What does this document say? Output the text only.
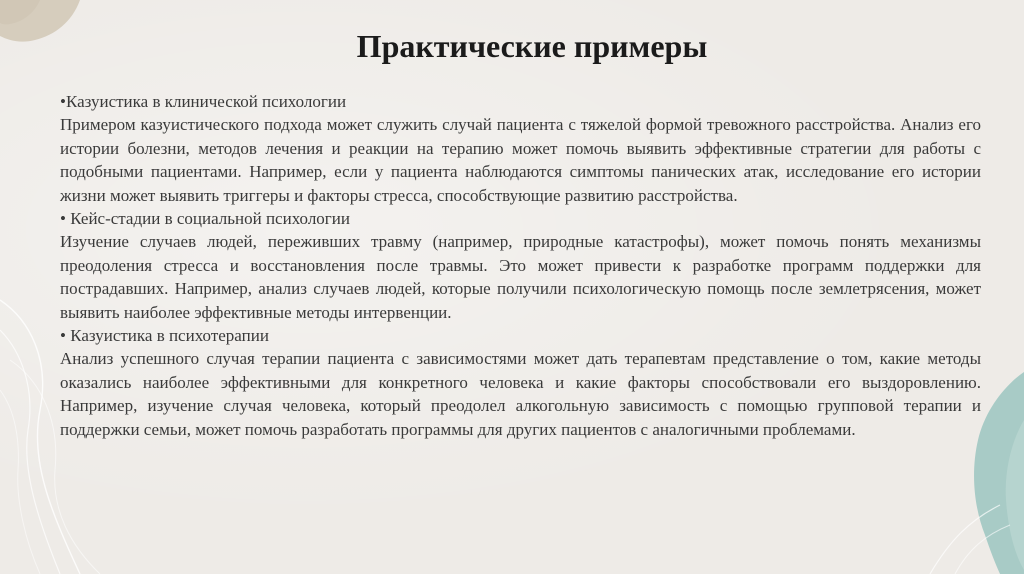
Практические примеры
•Казуистика в клинической психологии
Примером казуистического подхода может служить случай пациента с тяжелой формой тревожного расстройства. Анализ его истории болезни, методов лечения и реакции на терапию может помочь выявить эффективные стратегии для работы с подобными пациентами. Например, если у пациента наблюдаются симптомы панических атак, исследование его истории жизни может выявить триггеры и факторы стресса, способствующие развитию расстройства.
• Кейс-стадии в социальной психологии
Изучение случаев людей, переживших травму (например, природные катастрофы), может помочь понять механизмы преодоления стресса и восстановления после травмы. Это может привести к разработке программ поддержки для пострадавших. Например, анализ случаев людей, которые получили психологическую помощь после землетрясения, может выявить наиболее эффективные методы интервенции.
• Казуистика в психотерапии
Анализ успешного случая терапии пациента с зависимостями может дать терапевтам представление о том, какие методы оказались наиболее эффективными для конкретного человека и какие факторы способствовали его выздоровлению. Например, изучение случая человека, который преодолел алкогольную зависимость с помощью групповой терапии и поддержки семьи, может помочь разработать программы для других пациентов с аналогичными проблемами.
